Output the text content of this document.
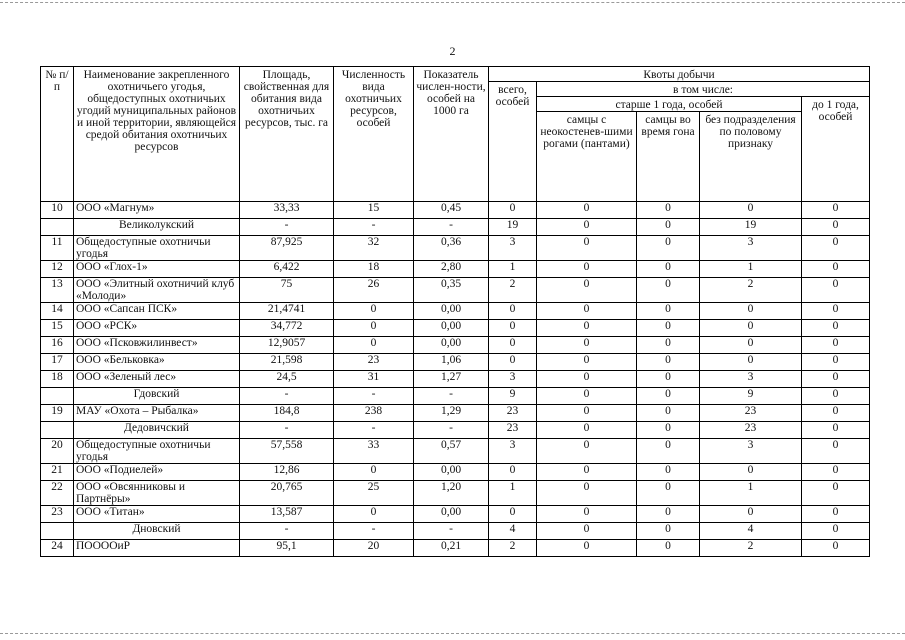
2
№ п/п	Наименование закрепленного охотничьего угодья, общедоступных охотничьих угодий муниципальных районов и иной территории, являющейся средой обитания охотничьих ресурсов	Площадь, свойственная для обитания вида охотничьих ресурсов, тыс. га	Численность вида охотничьих ресурсов, особей	Показатель числен-ности, особей на 1000 га	Квоты добычи				
					всего, особей	в том числе:			
						старше 1 года, особей			до 1 года, особей
						самцы с неокостенев-шими рогами (пантами)	самцы во время гона	без подразделения по половому признаку	
10	ООО «Магнум»	33,33	15	0,45	0	0	0	0	0
	Великолукский	-	-	-	19	0	0	19	0
11	Общедоступные охотничьи угодья	87,925	32	0,36	3	0	0	3	0
12	ООО «Глох-1»	6,422	18	2,80	1	0	0	1	0
13	ООО «Элитный охотничий клуб «Молоди»	75	26	0,35	2	0	0	2	0
14	ООО «Сапсан ПСК»	21,4741	0	0,00	0	0	0	0	0
15	ООО «РСК»	34,772	0	0,00	0	0	0	0	0
16	ООО «Псковжилинвест»	12,9057	0	0,00	0	0	0	0	0
17	ООО «Бельковка»	21,598	23	1,06	0	0	0	0	0
18	ООО «Зеленый лес»	24,5	31	1,27	3	0	0	3	0
	Гдовский	-	-	-	9	0	0	9	0
19	МАУ «Охота – Рыбалка»	184,8	238	1,29	23	0	0	23	0
	Дедовичский	-	-	-	23	0	0	23	0
20	Общедоступные охотничьи угодья	57,558	33	0,57	3	0	0	3	0
21	ООО «Подиелей»	12,86	0	0,00	0	0	0	0	0
22	ООО «Овсянниковы и Партнёры»	20,765	25	1,20	1	0	0	1	0
23	ООО «Титан»	13,587	0	0,00	0	0	0	0	0
	Дновский	-	-	-	4	0	0	4	0
24	ПООООиР	95,1	20	0,21	2	0	0	2	0
